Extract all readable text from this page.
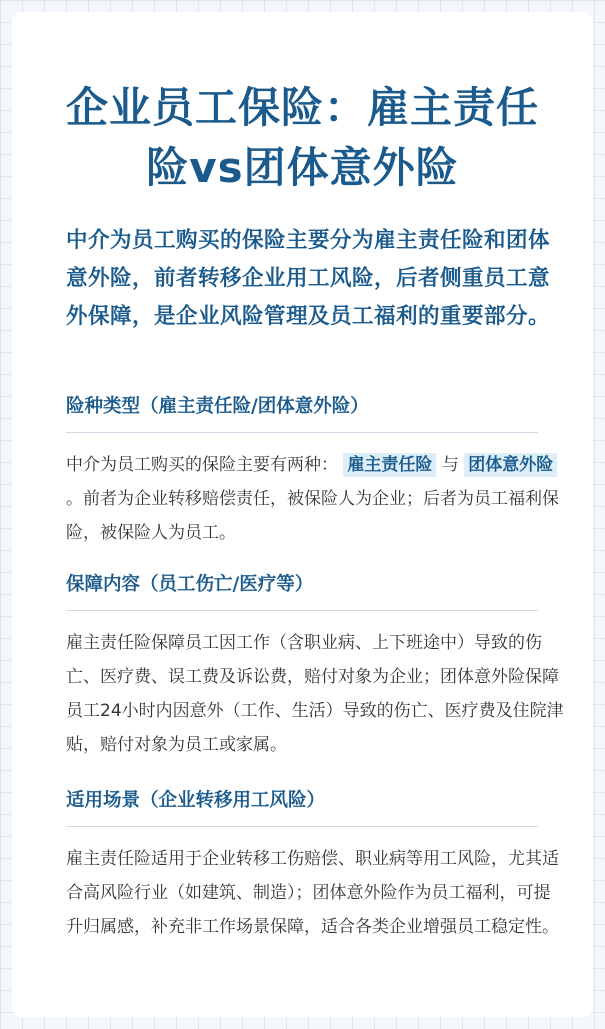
企业员工保险：雇主责任
险vs团体意外险

中介为员工购买的保险主要分为雇主责任险和团体意外险，前者转移企业用工风险，后者侧重员工意外保障，是企业风险管理及员工福利的重要部分。

险种类型（雇主责任险/团体意外险）

中介为员工购买的保险主要有两种： 雇主责任险 与 团体意外险 。前者为企业转移赔偿责任，被保险人为企业；后者为员工福利保险，被保险人为员工。

保障内容（员工伤亡/医疗等）

雇主责任险保障员工因工作（含职业病、上下班途中）导致的伤亡、医疗费、误工费及诉讼费，赔付对象为企业；团体意外险保障员工24小时内因意外（工作、生活）导致的伤亡、医疗费及住院津贴，赔付对象为员工或家属。

适用场景（企业转移用工风险）

雇主责任险适用于企业转移工伤赔偿、职业病等用工风险，尤其适合高风险行业（如建筑、制造）；团体意外险作为员工福利，可提升归属感，补充非工作场景保障，适合各类企业增强员工稳定性。
